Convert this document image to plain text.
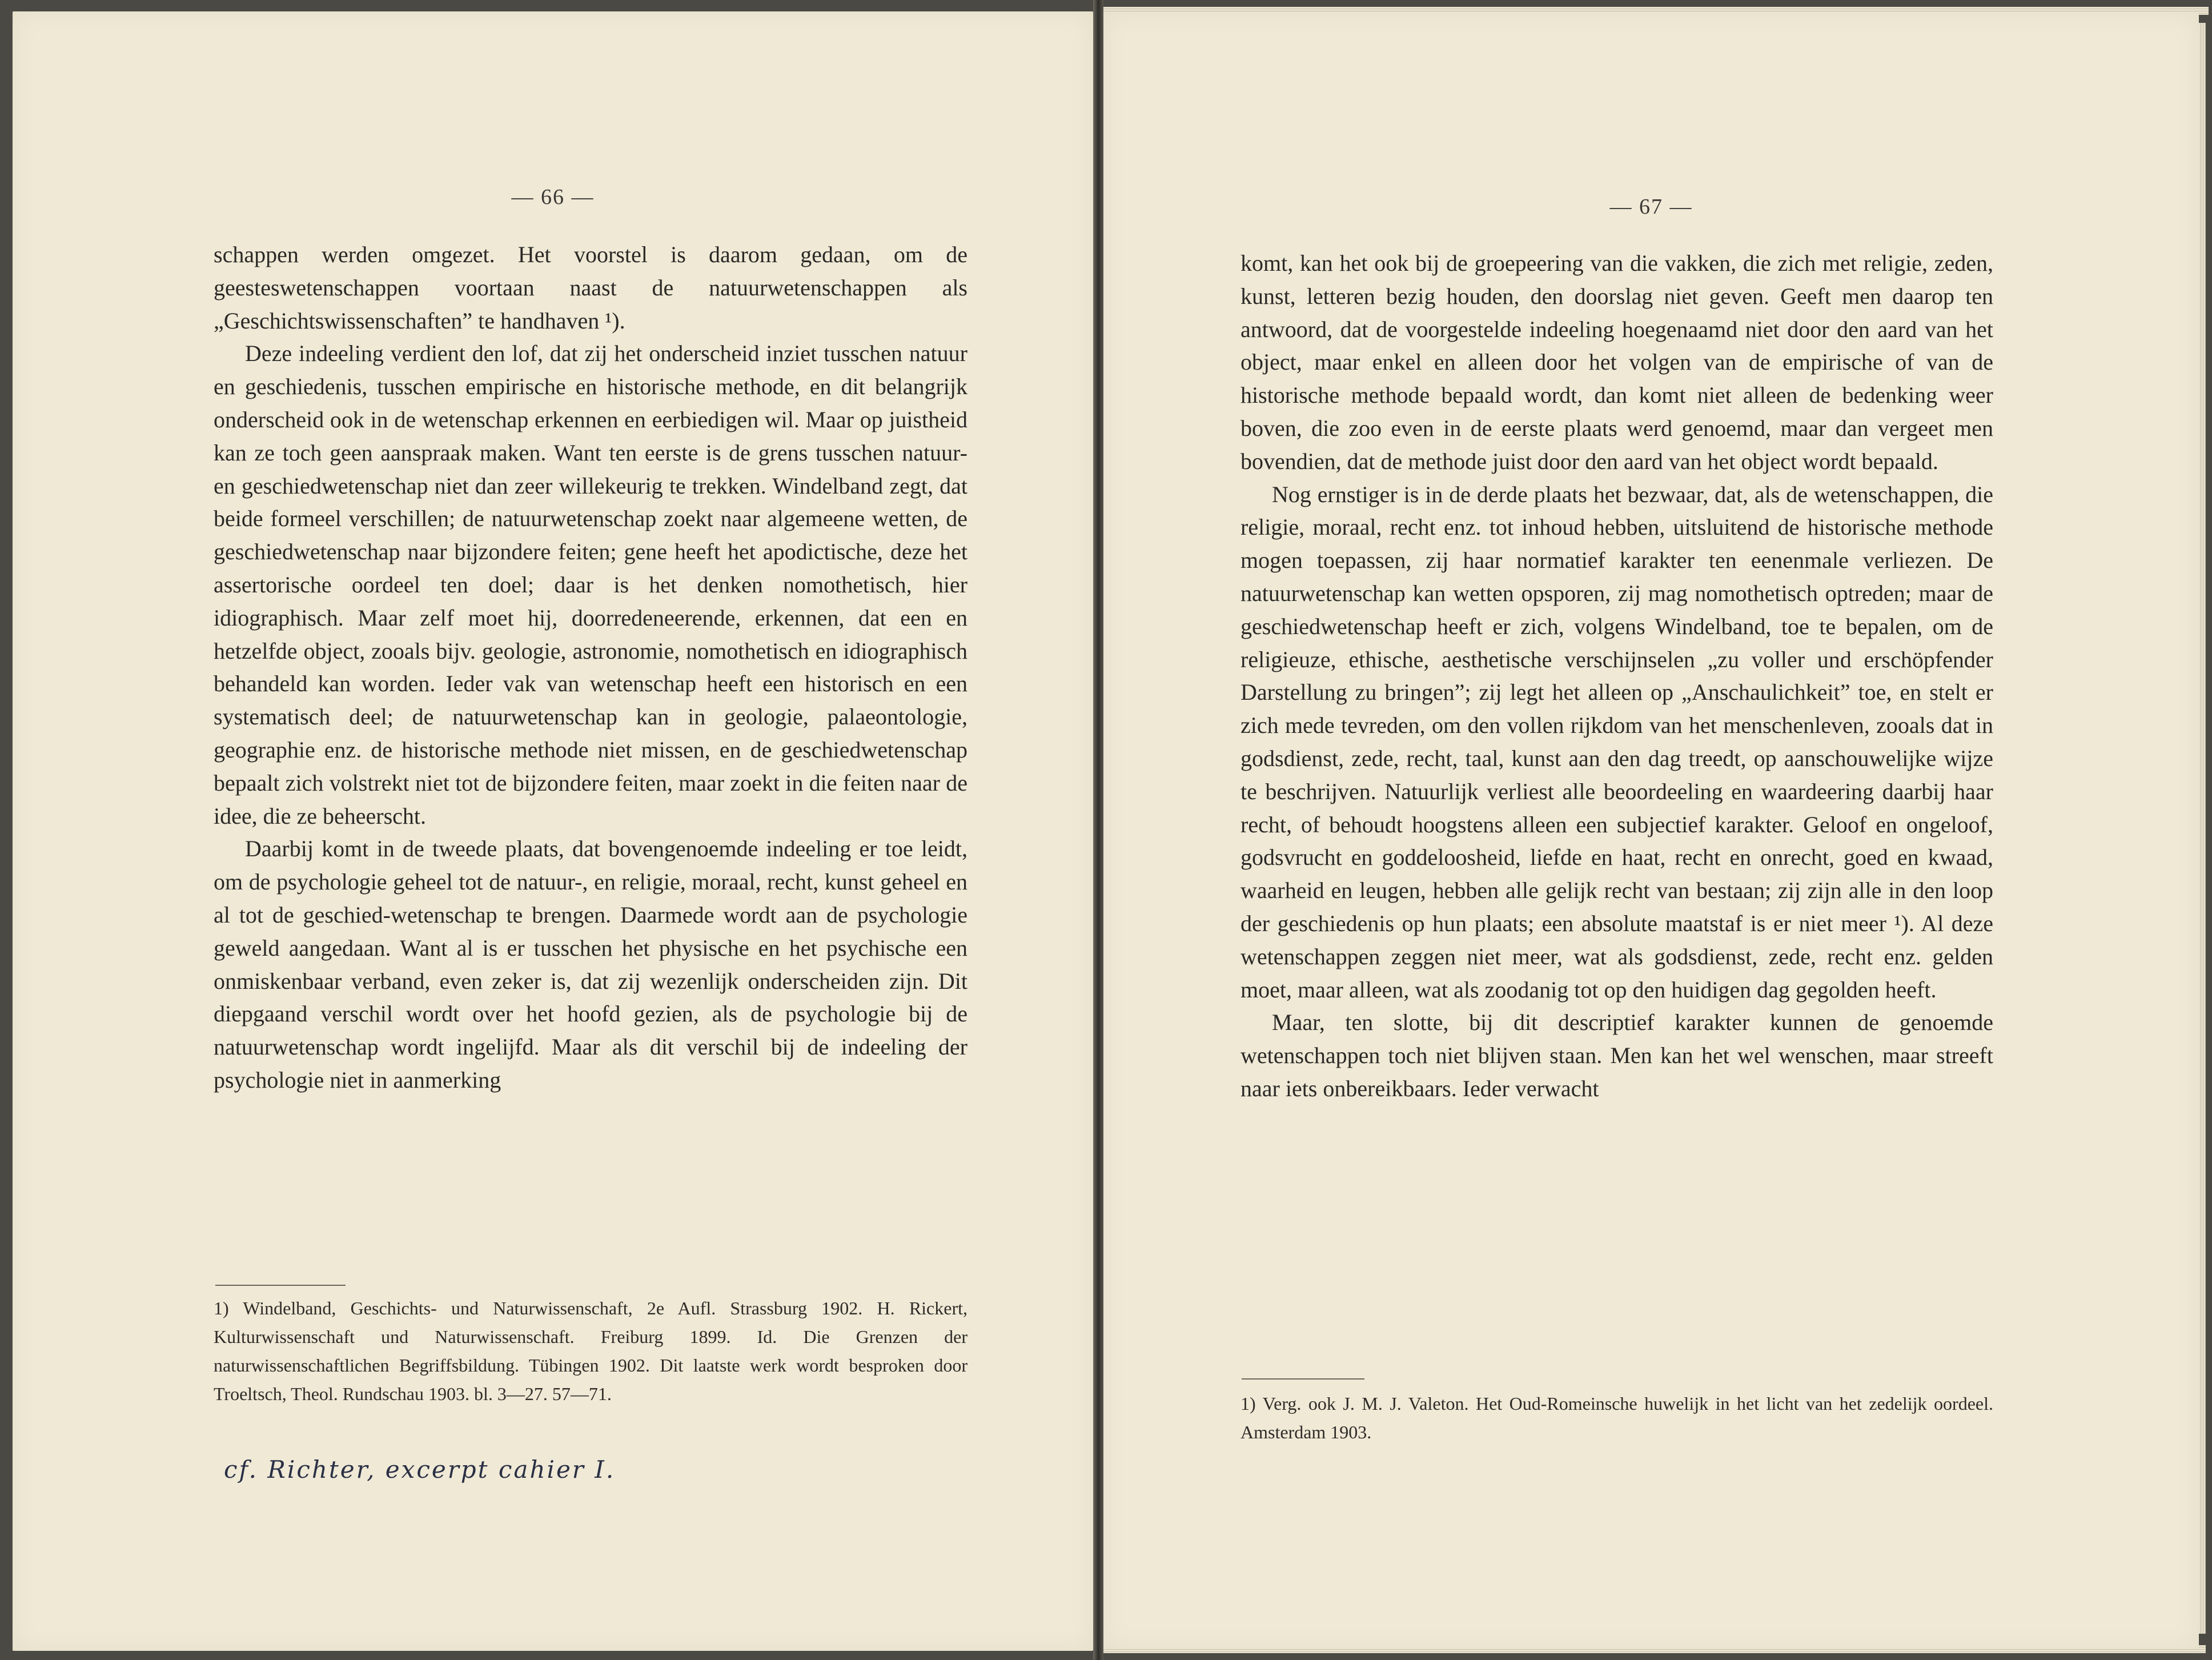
— 66 —

schappen werden omgezet. Het voorstel is daarom gedaan, om de geesteswetenschappen voortaan naast de natuurwetenschappen als „Geschichtswissenschaften” te handhaven ¹).

Deze indeeling verdient den lof, dat zij het onderscheid inziet tusschen natuur en geschiedenis, tusschen empirische en historische methode, en dit belangrijk onderscheid ook in de wetenschap erkennen en eerbiedigen wil. Maar op juistheid kan ze toch geen aanspraak maken. Want ten eerste is de grens tusschen natuur- en geschiedwetenschap niet dan zeer willekeurig te trekken. Windelband zegt, dat beide formeel verschillen; de natuurwetenschap zoekt naar algemeene wetten, de geschiedwetenschap naar bijzondere feiten; gene heeft het apodictische, deze het assertorische oordeel ten doel; daar is het denken nomothetisch, hier idiographisch. Maar zelf moet hij, doorredeneerende, erkennen, dat een en hetzelfde object, zooals bijv. geologie, astronomie, nomothetisch en idiographisch behandeld kan worden. Ieder vak van wetenschap heeft een historisch en een systematisch deel; de natuurwetenschap kan in geologie, palaeontologie, geographie enz. de historische methode niet missen, en de geschiedwetenschap bepaalt zich volstrekt niet tot de bijzondere feiten, maar zoekt in die feiten naar de idee, die ze beheerscht.

Daarbij komt in de tweede plaats, dat bovengenoemde indeeling er toe leidt, om de psychologie geheel tot de natuur-, en religie, moraal, recht, kunst geheel en al tot de geschied-wetenschap te brengen. Daarmede wordt aan de psychologie geweld aangedaan. Want al is er tusschen het physische en het psychische een onmiskenbaar verband, even zeker is, dat zij wezenlijk onderscheiden zijn. Dit diepgaand verschil wordt over het hoofd gezien, als de psychologie bij de natuurwetenschap wordt ingelijfd. Maar als dit verschil bij de indeeling der psychologie niet in aanmerking

1) Windelband, Geschichts- und Naturwissenschaft, 2e Aufl. Strassburg 1902. H. Rickert, Kulturwissenschaft und Naturwissenschaft. Freiburg 1899. Id. Die Grenzen der naturwissenschaftlichen Begriffsbildung. Tübingen 1902. Dit laatste werk wordt besproken door Troeltsch, Theol. Rundschau 1903. bl. 3—27. 57—71.

cf. Richter, excerpt cahier I.
— 67 —

komt, kan het ook bij de groepeering van die vakken, die zich met religie, zeden, kunst, letteren bezig houden, den doorslag niet geven. Geeft men daarop ten antwoord, dat de voorgestelde indeeling hoegenaamd niet door den aard van het object, maar enkel en alleen door het volgen van de empirische of van de historische methode bepaald wordt, dan komt niet alleen de bedenking weer boven, die zoo even in de eerste plaats werd genoemd, maar dan vergeet men bovendien, dat de methode juist door den aard van het object wordt bepaald.

Nog ernstiger is in de derde plaats het bezwaar, dat, als de wetenschappen, die religie, moraal, recht enz. tot inhoud hebben, uitsluitend de historische methode mogen toepassen, zij haar normatief karakter ten eenenmale verliezen. De natuurwetenschap kan wetten opsporen, zij mag nomothetisch optreden; maar de geschiedwetenschap heeft er zich, volgens Windelband, toe te bepalen, om de religieuze, ethische, aesthetische verschijnselen „zu voller und erschöpfender Darstellung zu bringen”; zij legt het alleen op „Anschaulichkeit” toe, en stelt er zich mede tevreden, om den vollen rijkdom van het menschenleven, zooals dat in godsdienst, zede, recht, taal, kunst aan den dag treedt, op aanschouwelijke wijze te beschrijven. Natuurlijk verliest alle beoordeeling en waardeering daarbij haar recht, of behoudt hoogstens alleen een subjectief karakter. Geloof en ongeloof, godsvrucht en goddeloosheid, liefde en haat, recht en onrecht, goed en kwaad, waarheid en leugen, hebben alle gelijk recht van bestaan; zij zijn alle in den loop der geschiedenis op hun plaats; een absolute maatstaf is er niet meer ¹). Al deze wetenschappen zeggen niet meer, wat als godsdienst, zede, recht enz. gelden moet, maar alleen, wat als zoodanig tot op den huidigen dag gegolden heeft.

Maar, ten slotte, bij dit descriptief karakter kunnen de genoemde wetenschappen toch niet blijven staan. Men kan het wel wenschen, maar streeft naar iets onbereikbaars. Ieder verwacht

1) Verg. ook J. M. J. Valeton. Het Oud-Romeinsche huwelijk in het licht van het zedelijk oordeel. Amsterdam 1903.
